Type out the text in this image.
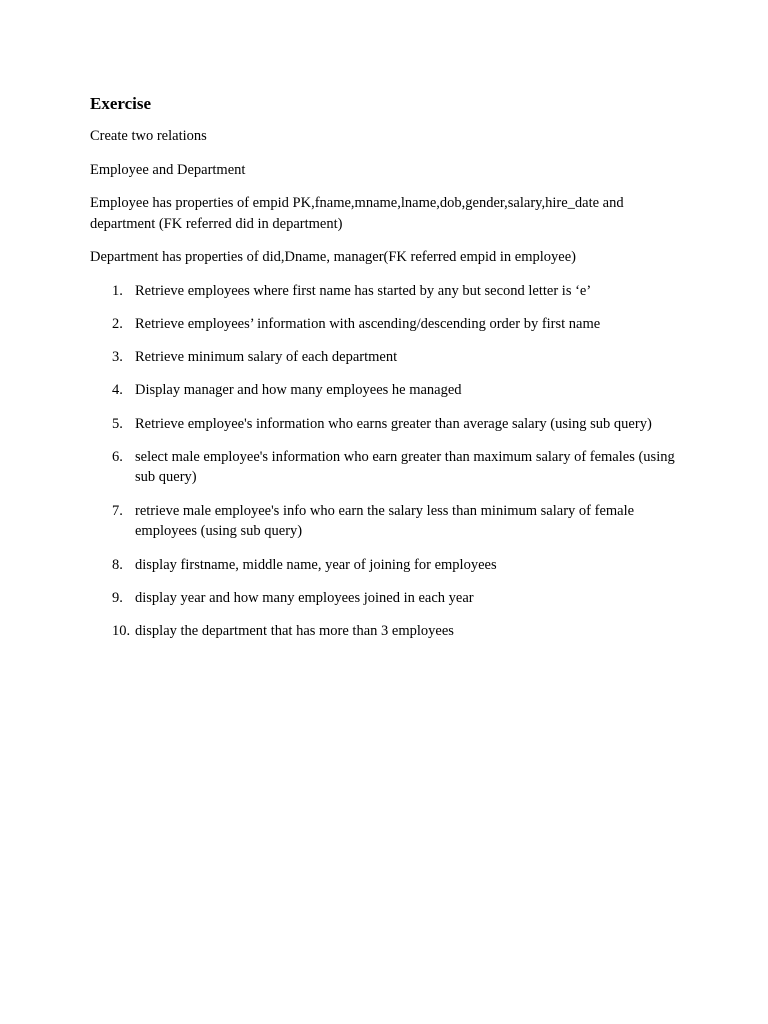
Exercise

Create two relations

Employee and Department

Employee has properties of empid PK,fname,mname,lname,dob,gender,salary,hire_date and department (FK referred did in department)

Department has properties of did,Dname, manager(FK referred empid in employee)

1. Retrieve employees where first name has started by any but second letter is ‘e’
2. Retrieve employees’ information with ascending/descending order by first name
3. Retrieve minimum salary of each department
4. Display manager and how many employees he managed
5. Retrieve employee's information who earns greater than average salary (using sub query)
6. select male employee's information who earn greater than maximum salary of females (using sub query)
7. retrieve male employee's info who earn the salary less than minimum salary of female employees (using sub query)
8. display firstname, middle name, year of joining for employees
9. display year and how many employees joined in each year
10. display the department that has more than 3 employees
